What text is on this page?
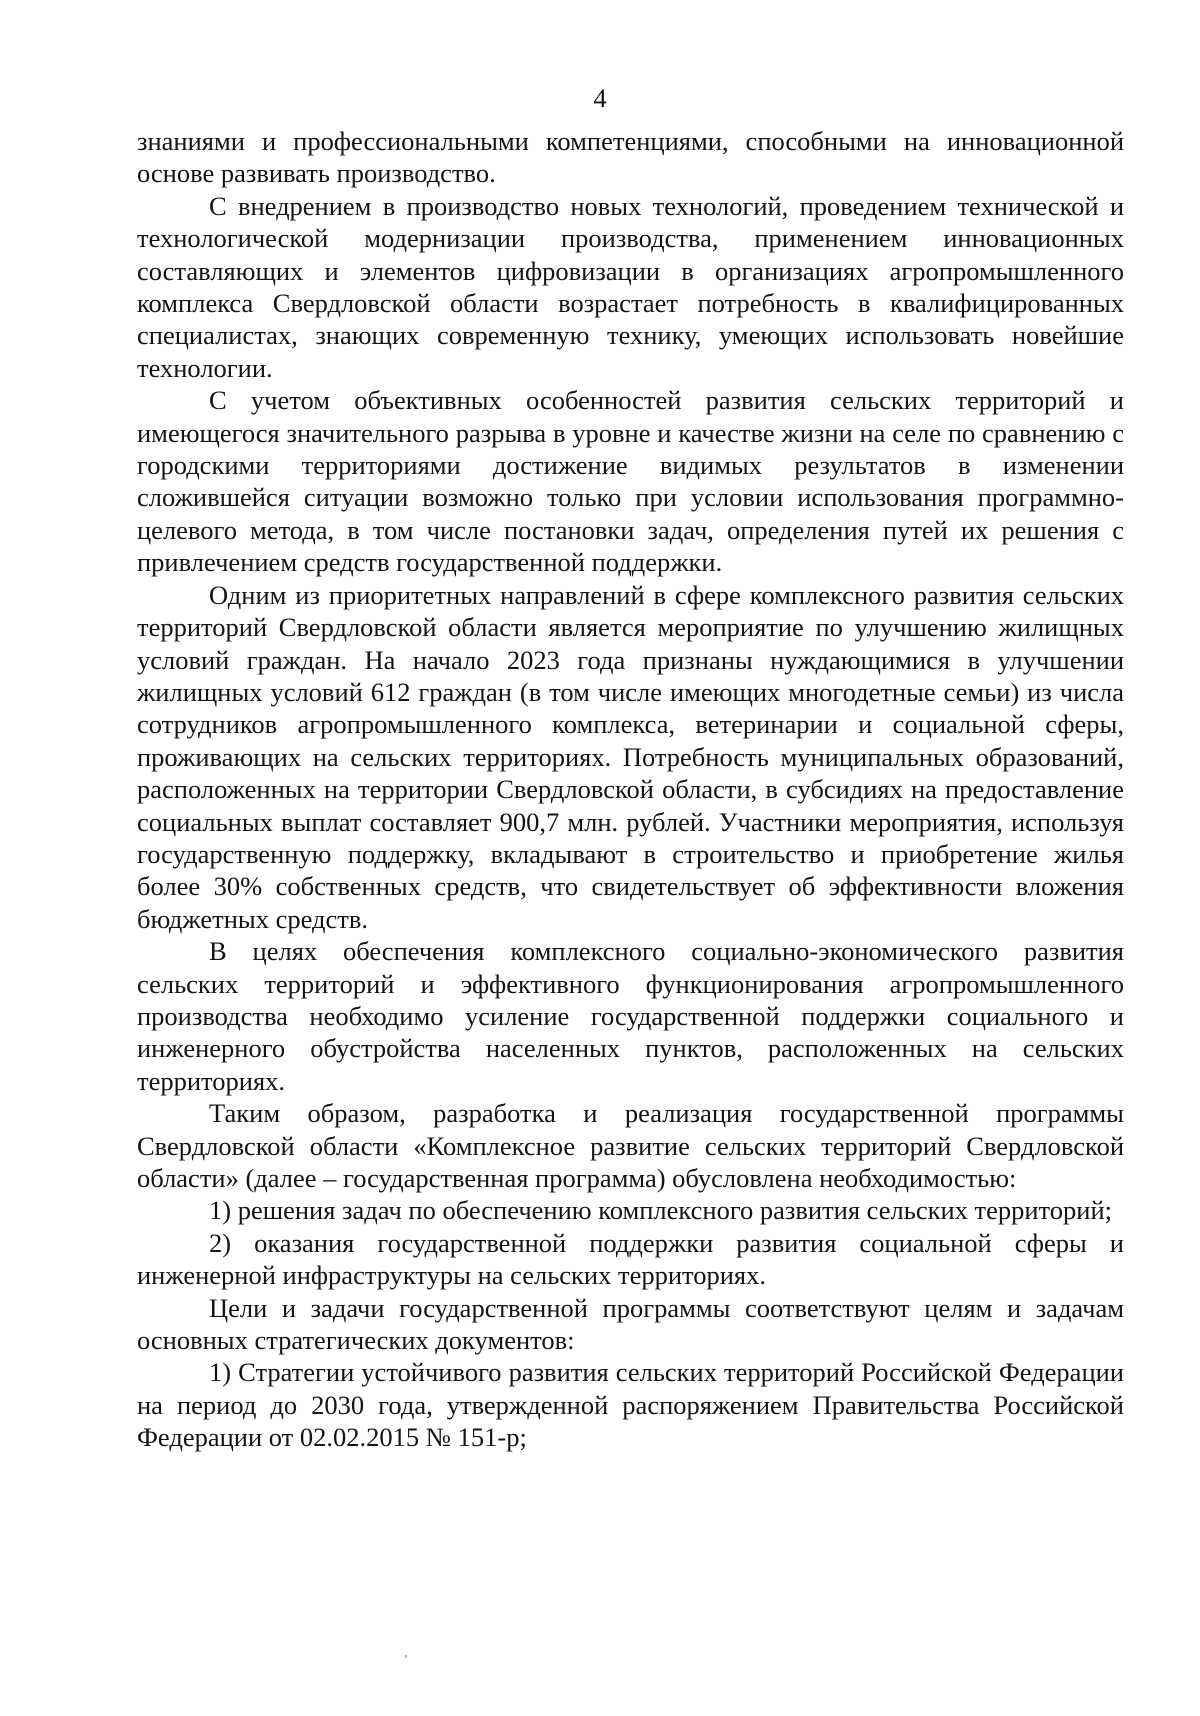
4

знаниями и профессиональными компетенциями, способными на инновационной основе развивать производство.

С внедрением в производство новых технологий, проведением технической и технологической модернизации производства, применением инновационных составляющих и элементов цифровизации в организациях агропромышленного комплекса Свердловской области возрастает потребность в квалифицированных специалистах, знающих современную технику, умеющих использовать новейшие технологии.

С учетом объективных особенностей развития сельских территорий и имеющегося значительного разрыва в уровне и качестве жизни на селе по сравнению с городскими территориями достижение видимых результатов в изменении сложившейся ситуации возможно только при условии использования программно-целевого метода, в том числе постановки задач, определения путей их решения с привлечением средств государственной поддержки.

Одним из приоритетных направлений в сфере комплексного развития сельских территорий Свердловской области является мероприятие по улучшению жилищных условий граждан. На начало 2023 года признаны нуждающимися в улучшении жилищных условий 612 граждан (в том числе имеющих многодетные семьи) из числа сотрудников агропромышленного комплекса, ветеринарии и социальной сферы, проживающих на сельских территориях. Потребность муниципальных образований, расположенных на территории Свердловской области, в субсидиях на предоставление социальных выплат составляет 900,7 млн. рублей. Участники мероприятия, используя государственную поддержку, вкладывают в строительство и приобретение жилья более 30% собственных средств, что свидетельствует об эффективности вложения бюджетных средств.

В целях обеспечения комплексного социально-экономического развития сельских территорий и эффективного функционирования агропромышленного производства необходимо усиление государственной поддержки социального и инженерного обустройства населенных пунктов, расположенных на сельских территориях.

Таким образом, разработка и реализация государственной программы Свердловской области «Комплексное развитие сельских территорий Свердловской области» (далее – государственная программа) обусловлена необходимостью:

1) решения задач по обеспечению комплексного развития сельских территорий;

2) оказания государственной поддержки развития социальной сферы и инженерной инфраструктуры на сельских территориях.

Цели и задачи государственной программы соответствуют целям и задачам основных стратегических документов:

1) Стратегии устойчивого развития сельских территорий Российской Федерации на период до 2030 года, утвержденной распоряжением Правительства Российской Федерации от 02.02.2015 № 151-р;
